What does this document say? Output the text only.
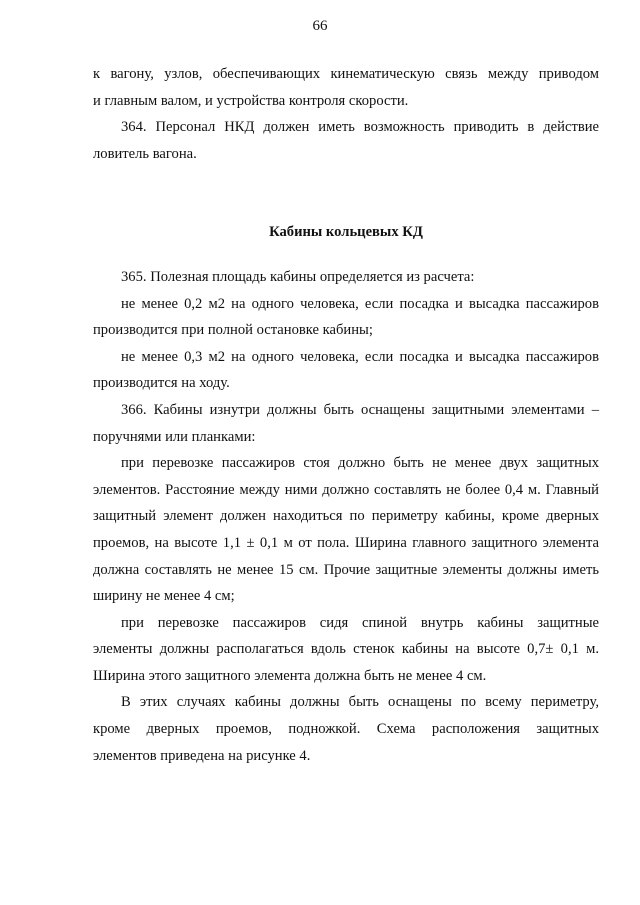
66
к вагону, узлов, обеспечивающих кинематическую связь между приводом
и главным валом, и устройства контроля скорости.
364. Персонал НКД должен иметь возможность приводить в действие
ловитель вагона.
Кабины кольцевых КД
365. Полезная площадь кабины определяется из расчета:
не менее 0,2 м2 на одного человека, если посадка и высадка пассажиров
производится при полной остановке кабины;
не менее 0,3 м2 на одного человека, если посадка и высадка пассажиров
производится на ходу.
366. Кабины изнутри должны быть оснащены защитными элементами –
поручнями или планками:
при перевозке пассажиров стоя должно быть не менее двух защитных
элементов. Расстояние между ними должно составлять не более 0,4 м. Главный
защитный элемент должен находиться по периметру кабины, кроме дверных
проемов, на высоте 1,1 ± 0,1 м от пола. Ширина главного защитного элемента
должна составлять не менее 15 см. Прочие защитные элементы должны иметь
ширину не менее 4 см;
при перевозке пассажиров сидя спиной внутрь кабины защитные
элементы должны располагаться вдоль стенок кабины на высоте 0,7± 0,1 м.
Ширина этого защитного элемента должна быть не менее 4 см.
В этих случаях кабины должны быть оснащены по всему периметру,
кроме дверных проемов, подножкой. Схема расположения защитных
элементов приведена на рисунке 4.
